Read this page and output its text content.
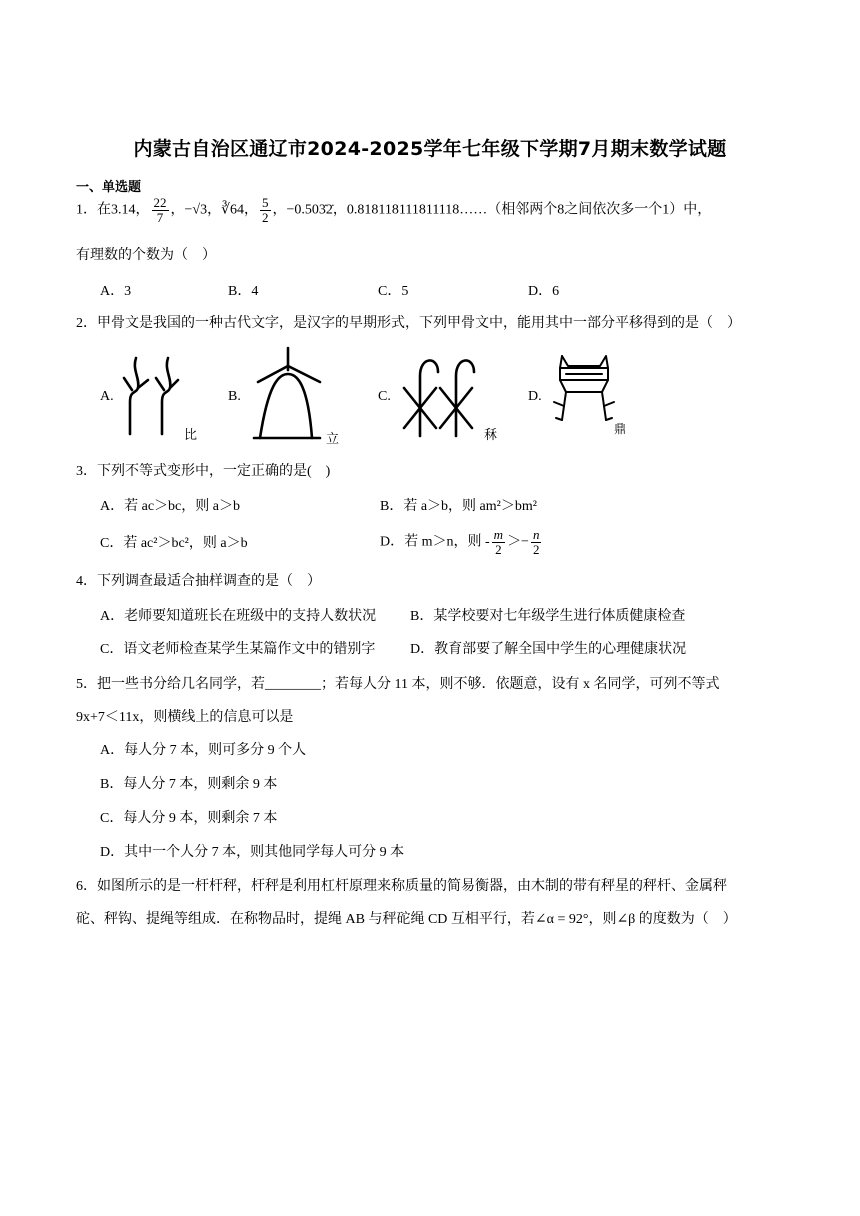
内蒙古自治区通辽市2024-2025学年七年级下学期7月期末数学试题
一、单选题
1．在3.14， $\frac{22}{7}$ ，−√3，∛64， $\frac{5}{2}$ ，−0.503̇2̇，0.818118111811118……（相邻两个8之间依次多一个1）中，
有理数的个数为（　）
A．3	B．4	C．5	D．6
2．甲骨文是我国的一种古代文字，是汉字的早期形式，下列甲骨文中，能用其中一部分平移得到的是（　）
A.
比
B.
立
C.
秝
D.
鼎
3．下列不等式变形中，一定正确的是(　)
A．若 ac＞bc，则 a＞b	B．若 a＞b，则 am²＞bm²
C．若 ac²＞bc²，则 a＞b	D．若 m＞n，则 - $\frac{m}{2} >- \frac{n}{2}$
4．下列调查最适合抽样调查的是（　）
A．老师要知道班长在班级中的支持人数状况 B．某学校要对七年级学生进行体质健康检查
C．语文老师检查某学生某篇作文中的错别字 D．教育部要了解全国中学生的心理健康状况
5．把一些书分给几名同学，若________；若每人分 11 本，则不够．依题意，设有 x 名同学，可列不等式
9x+7＜11x，则横线上的信息可以是
A．每人分 7 本，则可多分 9 个人
B．每人分 7 本，则剩余 9 本
C．每人分 9 本，则剩余 7 本
D．其中一个人分 7 本，则其他同学每人可分 9 本
6．如图所示的是一杆杆秤，杆秤是利用杠杆原理来称质量的简易衡器，由木制的带有秤星的秤杆、金属秤
砣、秤钩、提绳等组成．在称物品时，提绳 AB 与秤砣绳 CD 互相平行，若∠α = 92°，则∠β 的度数为（　）
